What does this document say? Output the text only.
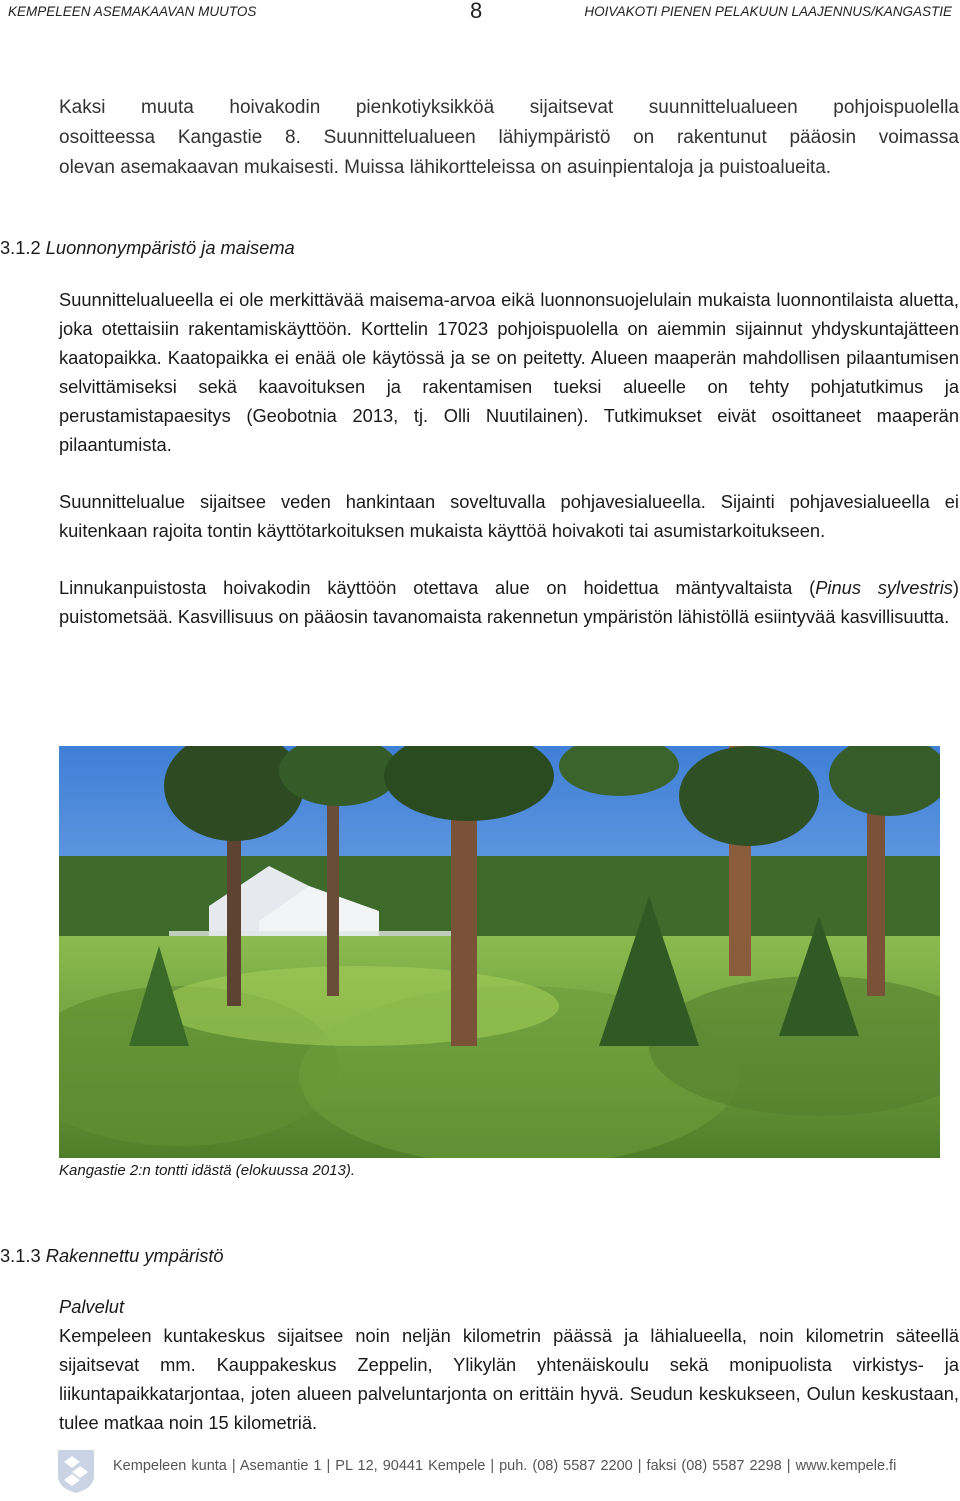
KEMPELEEN ASEMAKAAVAN MUUTOS	8	HOIVAKOTI PIENEN PELAKUUN LAAJENNUS/KANGASTIE

Kaksi muuta hoivakodin pienkotiyksikköä sijaitsevat suunnittelualueen pohjoispuolella

osoitteessa Kangastie 8. Suunnittelualueen lähiympäristö on rakentunut pääosin voimassa

olevan asemakaavan mukaisesti. Muissa lähikortteleissa on asuinpientaloja ja puistoalueita.

3.1.2 Luonnonympäristö ja maisema

Suunnittelualueella ei ole merkittävää maisema-arvoa eikä luonnonsuojelulain mukaista luonnontilaista aluetta, joka otettaisiin rakentamiskäyttöön. Korttelin 17023 pohjoispuolella on aiemmin sijainnut yhdyskuntajätteen kaatopaikka. Kaatopaikka ei enää ole käytössä ja se on peitetty. Alueen maaperän mahdollisen pilaantumisen selvittämiseksi sekä kaavoituksen ja rakentamisen tueksi alueelle on tehty pohjatutkimus ja perustamistapaesitys (Geobotnia 2013, tj. Olli Nuutilainen). Tutkimukset eivät osoittaneet maaperän pilaantumista.

Suunnittelualue sijaitsee veden hankintaan soveltuvalla pohjavesialueella. Sijainti pohjavesialueella ei kuitenkaan rajoita tontin käyttötarkoituksen mukaista käyttöä hoivakoti tai asumistarkoitukseen.

Linnukanpuistosta hoivakodin käyttöön otettava alue on hoidettua mäntyvaltaista (Pinus sylvestris) puistometsää. Kasvillisuus on pääosin tavanomaista rakennetun ympäristön lähistöllä esiintyvää kasvillisuutta.

Kangastie 2:n tontti idästä (elokuussa 2013).
3.1.3 Rakennettu ympäristö

Palvelut

Kempeleen kuntakeskus sijaitsee noin neljän kilometrin päässä ja lähialueella, noin kilometrin säteellä sijaitsevat mm. Kauppakeskus Zeppelin, Ylikylän yhtenäiskoulu sekä monipuolista virkistys- ja liikuntapaikkatarjontaa, joten alueen palveluntarjonta on erittäin hyvä. Seudun keskukseen, Oulun keskustaan, tulee matkaa noin 15 kilometriä.

Kempeleen kunta | Asemantie 1 | PL 12, 90441 Kempele | puh. (08) 5587 2200 | faksi (08) 5587 2298 | www.kempele.fi
